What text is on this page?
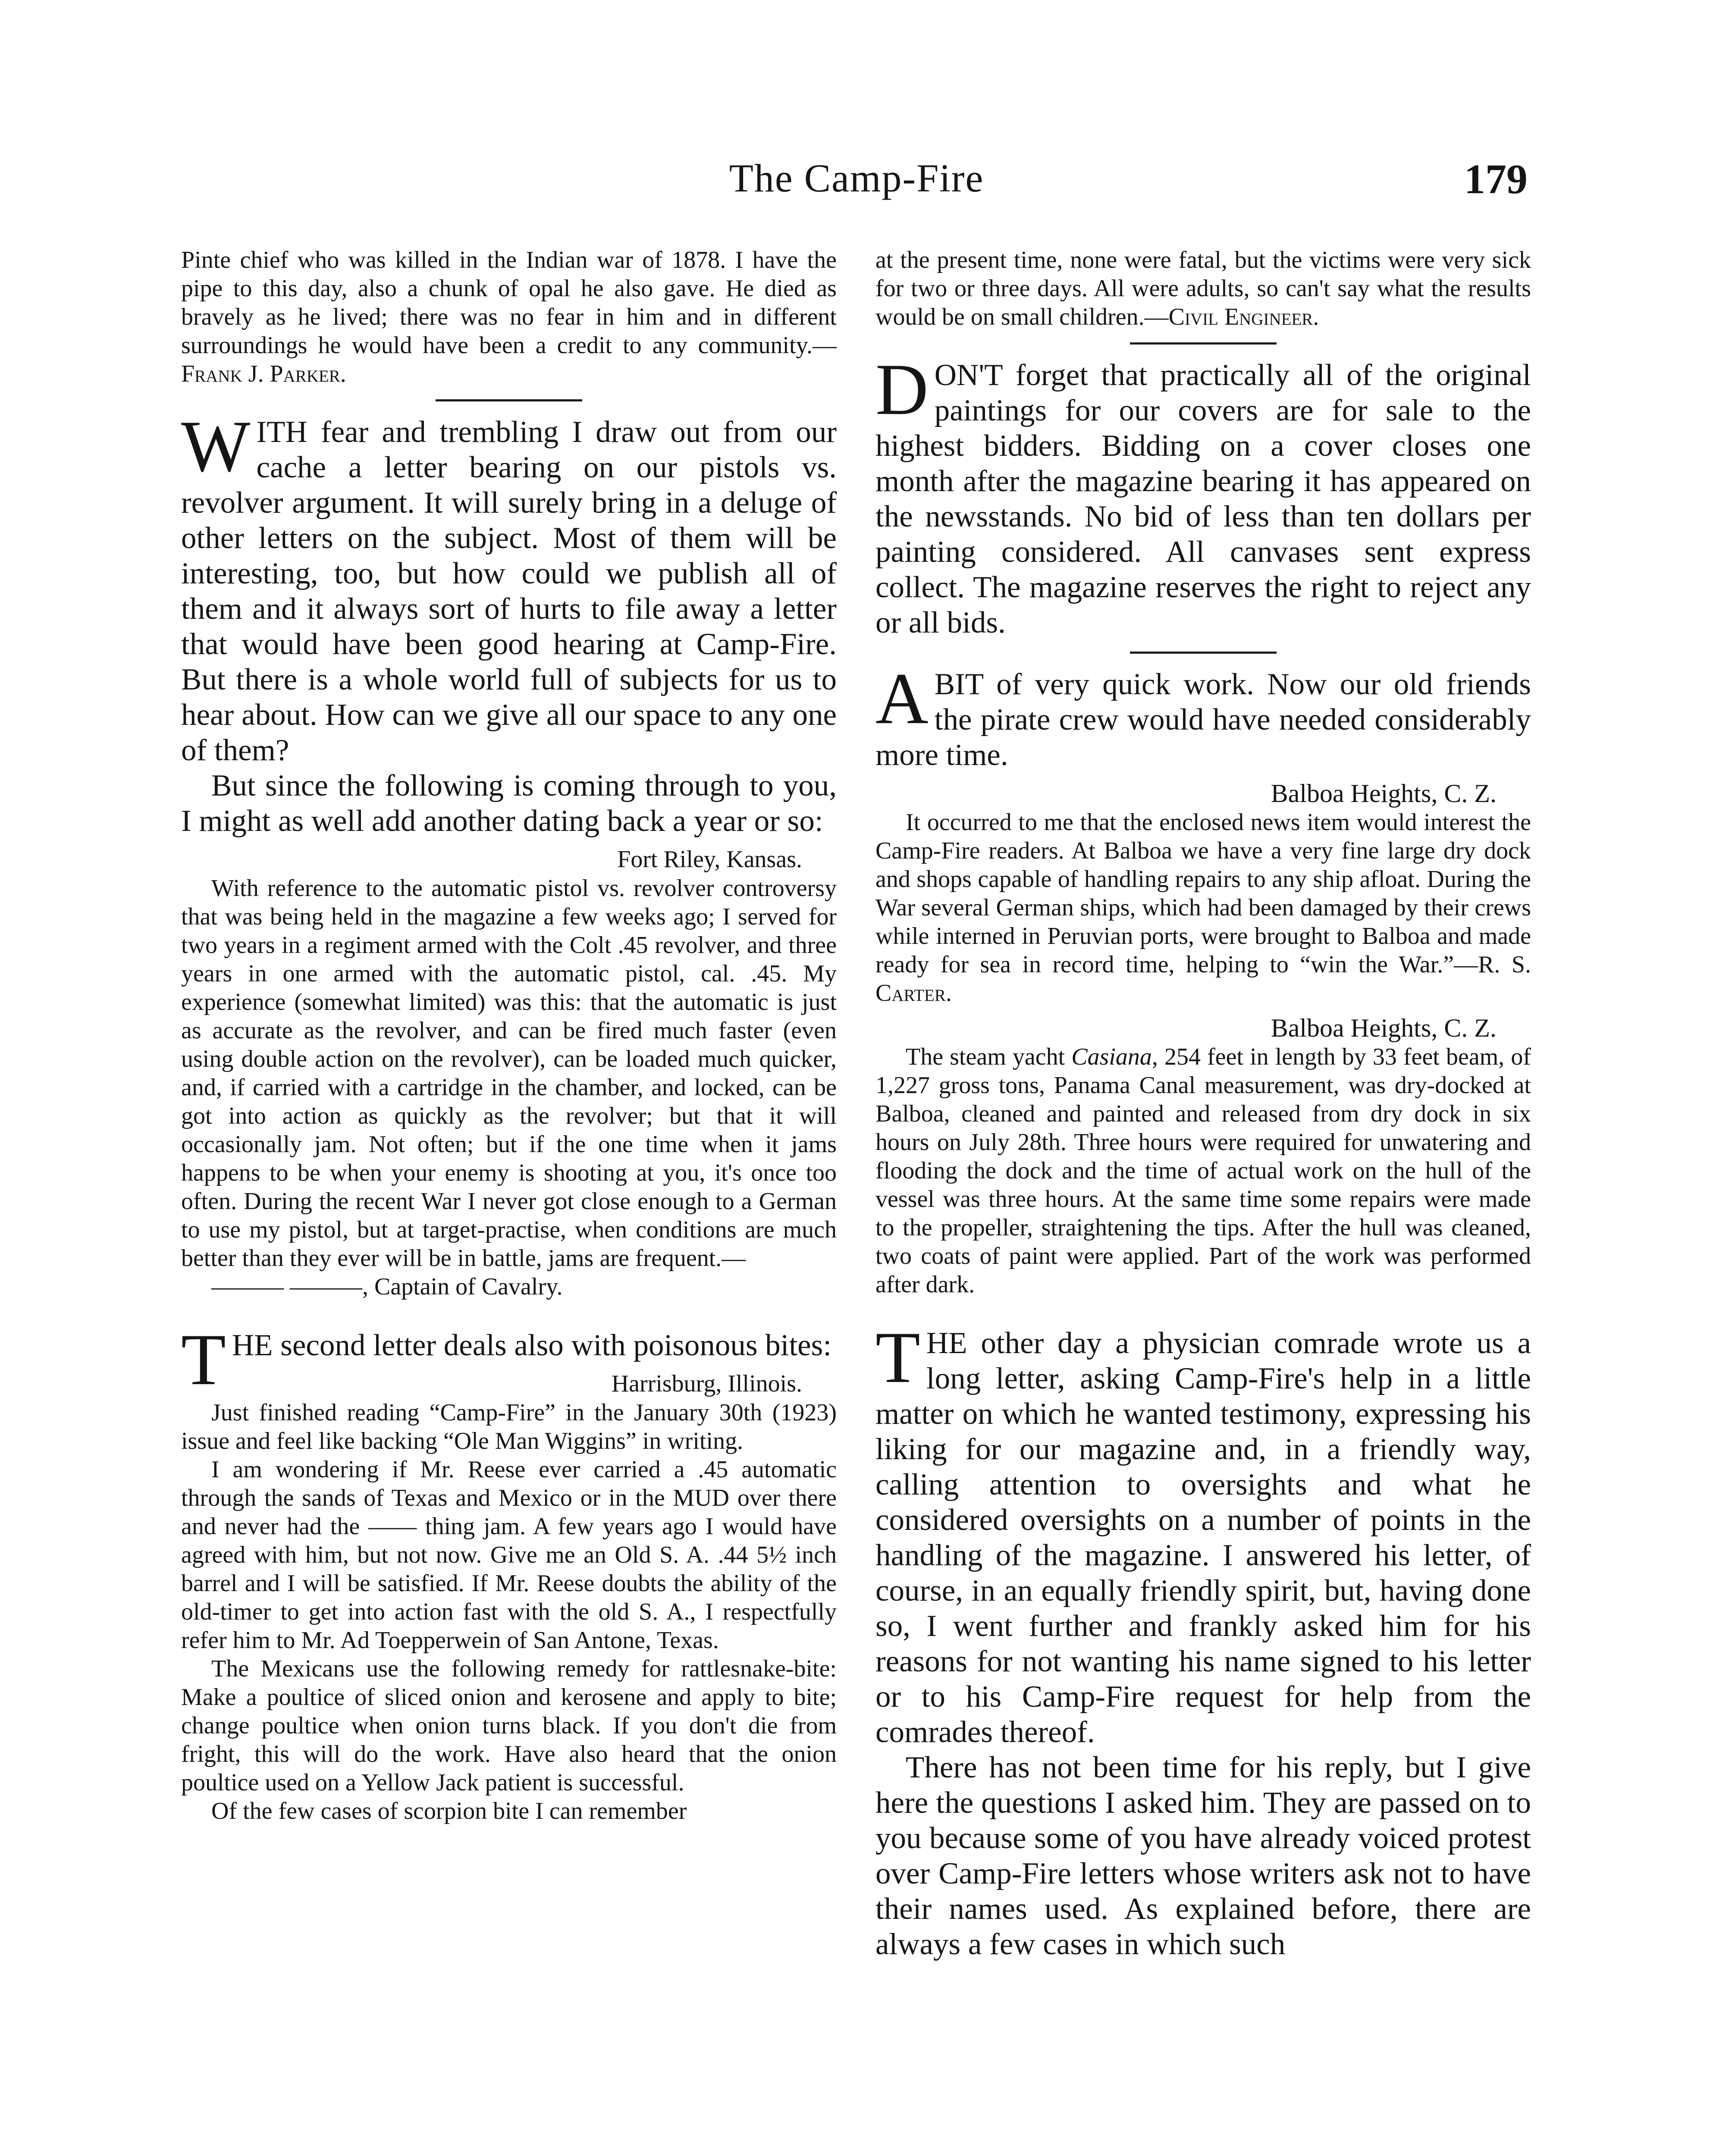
The Camp-Fire	179

Pinte chief who was killed in the Indian war of 1878. I have the pipe to this day, also a chunk of opal he also gave. He died as bravely as he lived; there was no fear in him and in different surroundings he would have been a credit to any community.—Frank J. Parker.

WITH fear and trembling I draw out from our cache a letter bearing on our pistols vs. revolver argument. It will surely bring in a deluge of other letters on the subject. Most of them will be interesting, too, but how could we publish all of them and it always sort of hurts to file away a letter that would have been good hearing at Camp-Fire. But there is a whole world full of subjects for us to hear about. How can we give all our space to any one of them?

But since the following is coming through to you, I might as well add another dating back a year or so:

Fort Riley, Kansas.

With reference to the automatic pistol vs. revolver controversy that was being held in the magazine a few weeks ago; I served for two years in a regiment armed with the Colt .45 revolver, and three years in one armed with the automatic pistol, cal. .45. My experience (somewhat limited) was this: that the automatic is just as accurate as the revolver, and can be fired much faster (even using double action on the revolver), can be loaded much quicker, and, if carried with a cartridge in the chamber, and locked, can be got into action as quickly as the revolver; but that it will occasionally jam. Not often; but if the one time when it jams happens to be when your enemy is shooting at you, it's once too often. During the recent War I never got close enough to a German to use my pistol, but at target-practise, when conditions are much better than they ever will be in battle, jams are frequent.—

——— ———, Captain of Cavalry.

THE second letter deals also with poisonous bites:

Harrisburg, Illinois.

Just finished reading “Camp-Fire” in the January 30th (1923) issue and feel like backing “Ole Man Wiggins” in writing.

I am wondering if Mr. Reese ever carried a .45 automatic through the sands of Texas and Mexico or in the MUD over there and never had the —— thing jam. A few years ago I would have agreed with him, but not now. Give me an Old S. A. .44 5½ inch barrel and I will be satisfied. If Mr. Reese doubts the ability of the old-timer to get into action fast with the old S. A., I respectfully refer him to Mr. Ad Toepperwein of San Antone, Texas.

The Mexicans use the following remedy for rattlesnake-bite: Make a poultice of sliced onion and kerosene and apply to bite; change poultice when onion turns black. If you don't die from fright, this will do the work. Have also heard that the onion poultice used on a Yellow Jack patient is successful.

Of the few cases of scorpion bite I can remember

at the present time, none were fatal, but the victims were very sick for two or three days. All were adults, so can't say what the results would be on small children.—Civil Engineer.

DON'T forget that practically all of the original paintings for our covers are for sale to the highest bidders. Bidding on a cover closes one month after the magazine bearing it has appeared on the newsstands. No bid of less than ten dollars per painting considered. All canvases sent express collect. The magazine reserves the right to reject any or all bids.

ABIT of very quick work. Now our old friends the pirate crew would have needed considerably more time.

Balboa Heights, C. Z.

It occurred to me that the enclosed news item would interest the Camp-Fire readers. At Balboa we have a very fine large dry dock and shops capable of handling repairs to any ship afloat. During the War several German ships, which had been damaged by their crews while interned in Peruvian ports, were brought to Balboa and made ready for sea in record time, helping to “win the War.”—R. S. Carter.

Balboa Heights, C. Z.

The steam yacht Casiana, 254 feet in length by 33 feet beam, of 1,227 gross tons, Panama Canal measurement, was dry-docked at Balboa, cleaned and painted and released from dry dock in six hours on July 28th. Three hours were required for unwatering and flooding the dock and the time of actual work on the hull of the vessel was three hours. At the same time some repairs were made to the propeller, straightening the tips. After the hull was cleaned, two coats of paint were applied. Part of the work was performed after dark.

THE other day a physician comrade wrote us a long letter, asking Camp-Fire's help in a little matter on which he wanted testimony, expressing his liking for our magazine and, in a friendly way, calling attention to oversights and what he considered oversights on a number of points in the handling of the magazine. I answered his letter, of course, in an equally friendly spirit, but, having done so, I went further and frankly asked him for his reasons for not wanting his name signed to his letter or to his Camp-Fire request for help from the comrades thereof.

There has not been time for his reply, but I give here the questions I asked him. They are passed on to you because some of you have already voiced protest over Camp-Fire letters whose writers ask not to have their names used. As explained before, there are always a few cases in which such
